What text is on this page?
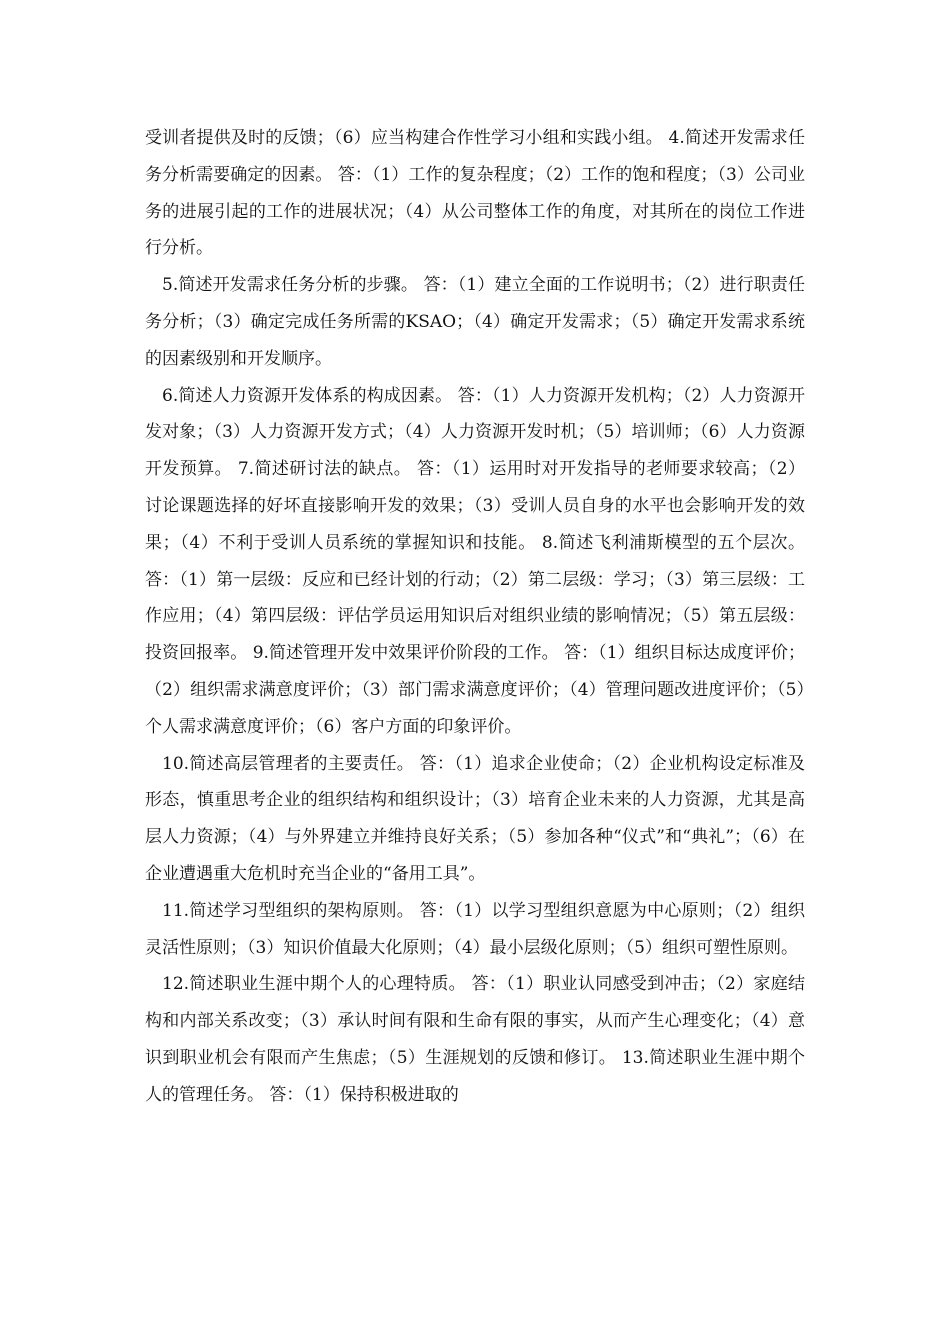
受训者提供及时的反馈；（6）应当构建合作性学习小组和实践小组。 4.简述开发需求任务分析需要确定的因素。 答：（1）工作的复杂程度；（2）工作的饱和程度；（3）公司业务的进展引起的工作的进展状况；（4）从公司整体工作的角度，对其所在的岗位工作进行分析。

5.简述开发需求任务分析的步骤。 答：（1）建立全面的工作说明书；（2）进行职责任务分析；（3）确定完成任务所需的KSAO；（4）确定开发需求；（5）确定开发需求系统的因素级别和开发顺序。

6.简述人力资源开发体系的构成因素。 答：（1）人力资源开发机构；（2）人力资源开发对象；（3）人力资源开发方式；（4）人力资源开发时机；（5）培训师；（6）人力资源开发预算。 7.简述研讨法的缺点。 答：（1）运用时对开发指导的老师要求较高；（2）讨论课题选择的好坏直接影响开发的效果；（3）受训人员自身的水平也会影响开发的效果；（4）不利于受训人员系统的掌握知识和技能。 8.简述飞利浦斯模型的五个层次。 答：（1）第一层级：反应和已经计划的行动；（2）第二层级：学习；（3）第三层级：工作应用；（4）第四层级：评估学员运用知识后对组织业绩的影响情况；（5）第五层级：投资回报率。 9.简述管理开发中效果评价阶段的工作。 答：（1）组织目标达成度评价；（2）组织需求满意度评价；（3）部门需求满意度评价；（4）管理问题改进度评价；（5）个人需求满意度评价；（6）客户方面的印象评价。

10.简述高层管理者的主要责任。 答：（1）追求企业使命；（2）企业机构设定标准及形态，慎重思考企业的组织结构和组织设计；（3）培育企业未来的人力资源，尤其是高层人力资源；（4）与外界建立并维持良好关系；（5）参加各种“仪式”和“典礼”；（6）在企业遭遇重大危机时充当企业的“备用工具”。

11.简述学习型组织的架构原则。 答：（1）以学习型组织意愿为中心原则；（2）组织灵活性原则；（3）知识价值最大化原则；（4）最小层级化原则；（5）组织可塑性原则。

12.简述职业生涯中期个人的心理特质。 答：（1）职业认同感受到冲击；（2）家庭结构和内部关系改变；（3）承认时间有限和生命有限的事实，从而产生心理变化；（4）意识到职业机会有限而产生焦虑；（5）生涯规划的反馈和修订。 13.简述职业生涯中期个人的管理任务。 答：（1）保持积极进取的
